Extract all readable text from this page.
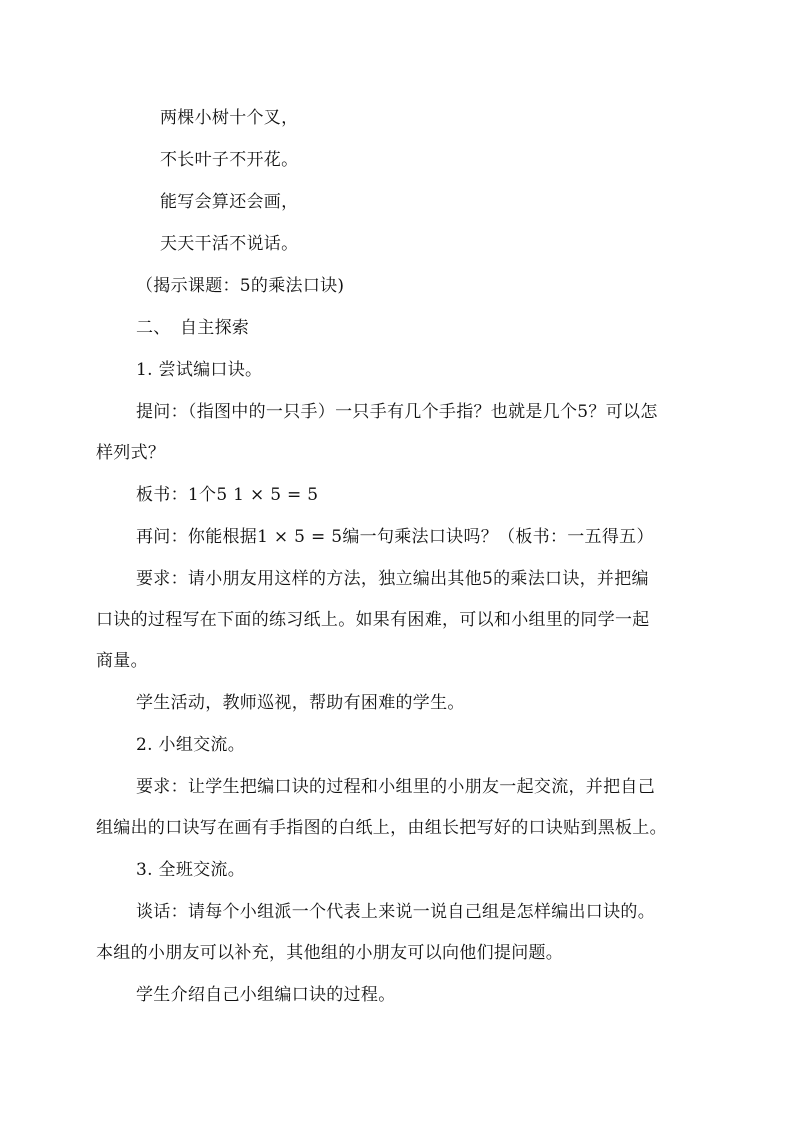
两棵小树十个叉，
不长叶子不开花。
能写会算还会画，
天天干活不说话。
（揭示课题：5的乘法口诀)
二、 自主探索
1. 尝试编口诀。
提问：（指图中的一只手）一只手有几个手指？也就是几个5？可以怎
样列式？
板书：1个5 1 × 5 = 5
再问：你能根据1 × 5 = 5编一句乘法口诀吗？（板书：一五得五）
要求：请小朋友用这样的方法，独立编出其他5的乘法口诀，并把编
口诀的过程写在下面的练习纸上。如果有困难，可以和小组里的同学一起
商量。
学生活动，教师巡视，帮助有困难的学生。
2. 小组交流。
要求：让学生把编口诀的过程和小组里的小朋友一起交流，并把自己
组编出的口诀写在画有手指图的白纸上，由组长把写好的口诀贴到黑板上。
3. 全班交流。
谈话：请每个小组派一个代表上来说一说自己组是怎样编出口诀的。
本组的小朋友可以补充，其他组的小朋友可以向他们提问题。
学生介绍自己小组编口诀的过程。
